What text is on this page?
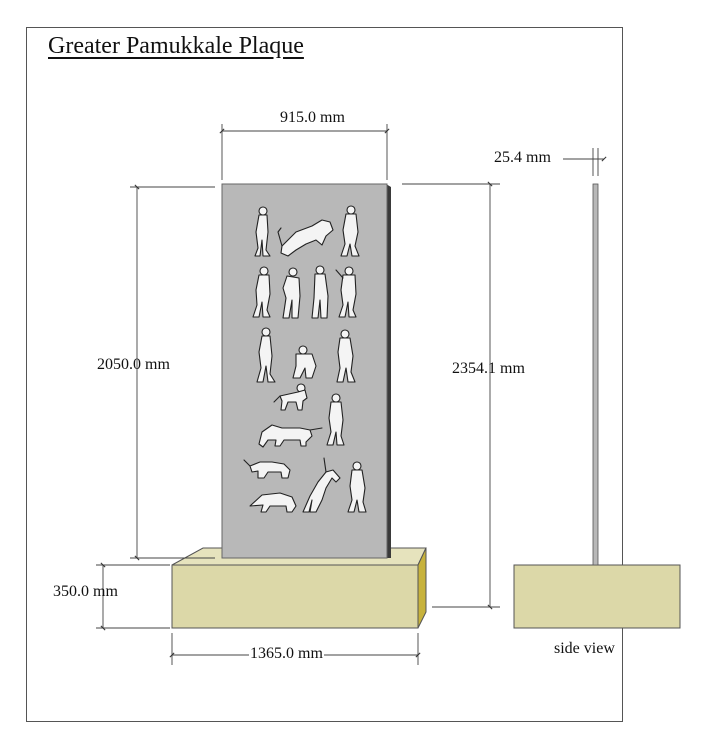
Greater Pamukkale Plaque
915.0 mm
2050.0 mm	2354.1 mm
25.4 mm
350.0 mm
1365.0 mm	side view
